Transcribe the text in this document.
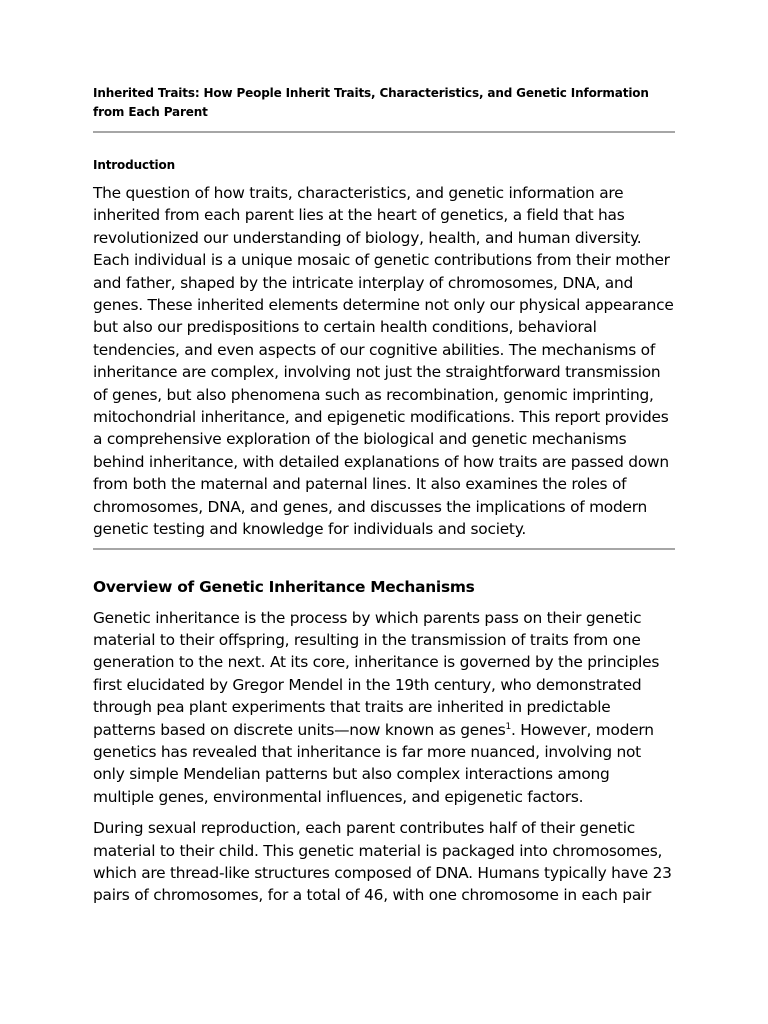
Inherited Traits: How People Inherit Traits, Characteristics, and Genetic Information from Each Parent

Introduction

The question of how traits, characteristics, and genetic information are inherited from each parent lies at the heart of genetics, a field that has revolutionized our understanding of biology, health, and human diversity. Each individual is a unique mosaic of genetic contributions from their mother and father, shaped by the intricate interplay of chromosomes, DNA, and genes. These inherited elements determine not only our physical appearance but also our predispositions to certain health conditions, behavioral tendencies, and even aspects of our cognitive abilities. The mechanisms of inheritance are complex, involving not just the straightforward transmission of genes, but also phenomena such as recombination, genomic imprinting, mitochondrial inheritance, and epigenetic modifications. This report provides a comprehensive exploration of the biological and genetic mechanisms behind inheritance, with detailed explanations of how traits are passed down from both the maternal and paternal lines. It also examines the roles of chromosomes, DNA, and genes, and discusses the implications of modern genetic testing and knowledge for individuals and society.

Overview of Genetic Inheritance Mechanisms

Genetic inheritance is the process by which parents pass on their genetic material to their offspring, resulting in the transmission of traits from one generation to the next. At its core, inheritance is governed by the principles first elucidated by Gregor Mendel in the 19th century, who demonstrated through pea plant experiments that traits are inherited in predictable patterns based on discrete units—now known as genes$^1$. However, modern genetics has revealed that inheritance is far more nuanced, involving not only simple Mendelian patterns but also complex interactions among multiple genes, environmental influences, and epigenetic factors.

During sexual reproduction, each parent contributes half of their genetic material to their child. This genetic material is packaged into chromosomes, which are thread-like structures composed of DNA. Humans typically have 23 pairs of chromosomes, for a total of 46, with one chromosome in each pair
